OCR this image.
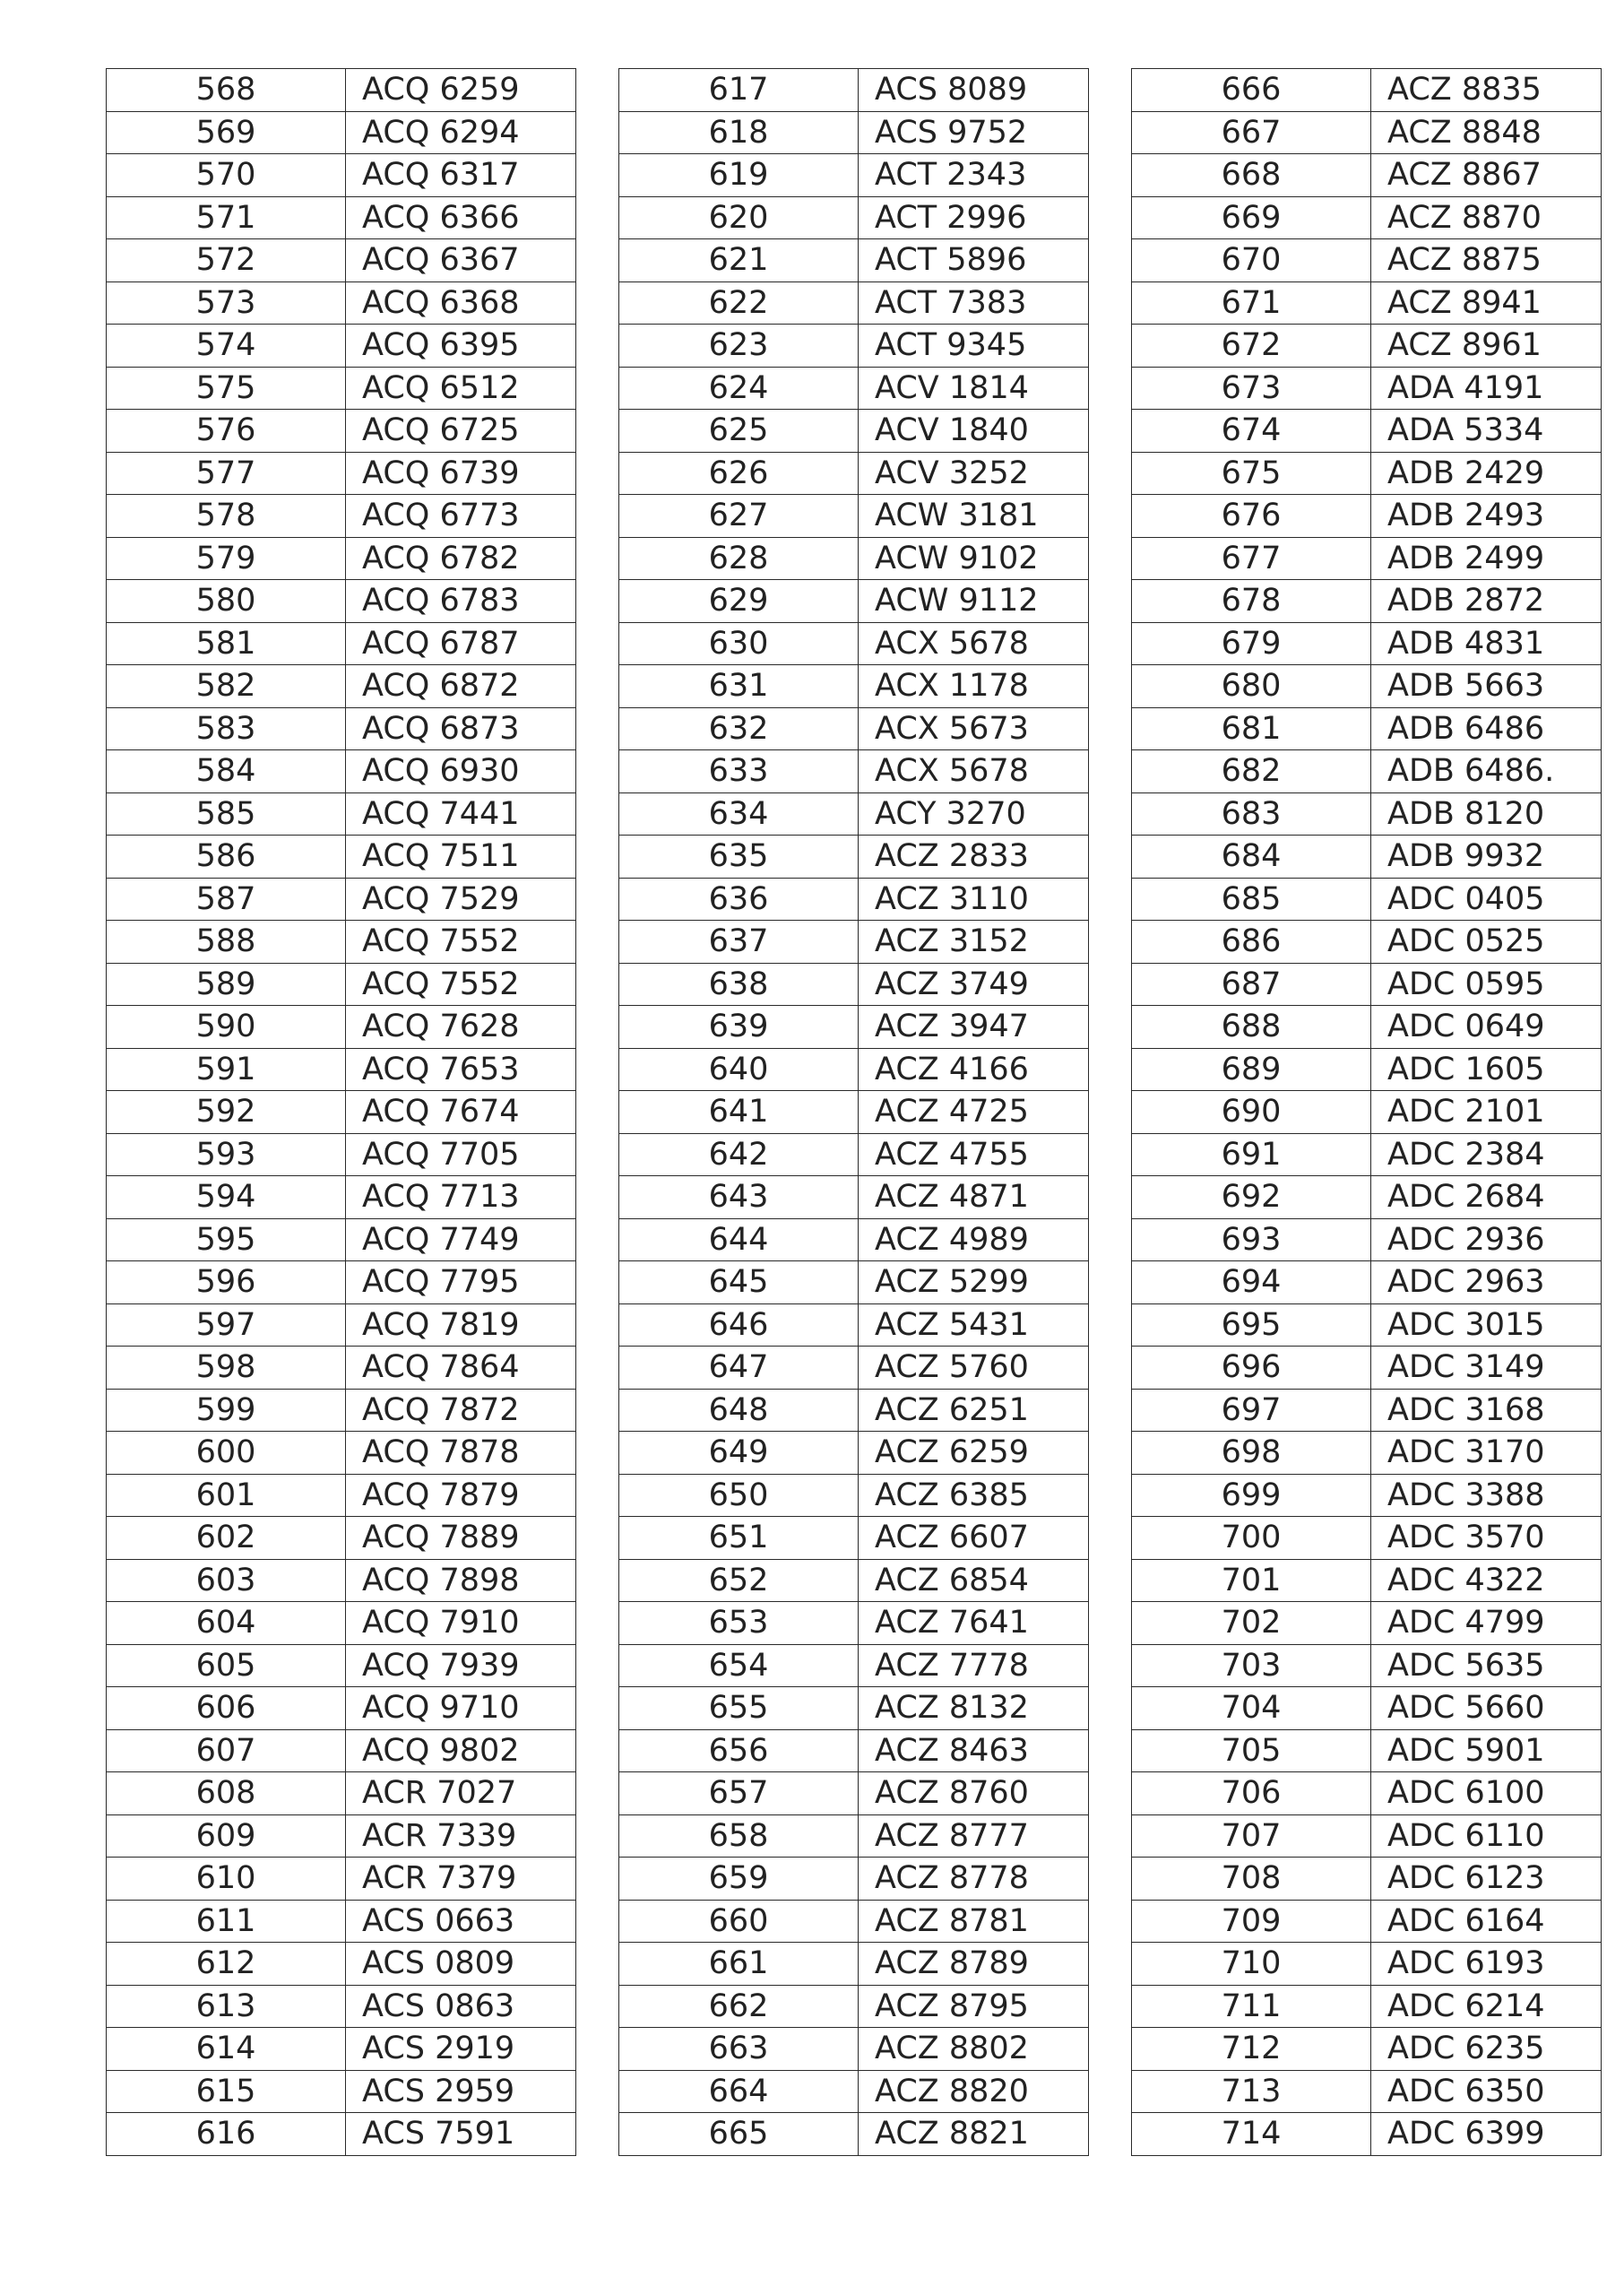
568	ACQ 6259
569	ACQ 6294
570	ACQ 6317
571	ACQ 6366
572	ACQ 6367
573	ACQ 6368
574	ACQ 6395
575	ACQ 6512
576	ACQ 6725
577	ACQ 6739
578	ACQ 6773
579	ACQ 6782
580	ACQ 6783
581	ACQ 6787
582	ACQ 6872
583	ACQ 6873
584	ACQ 6930
585	ACQ 7441
586	ACQ 7511
587	ACQ 7529
588	ACQ 7552
589	ACQ 7552
590	ACQ 7628
591	ACQ 7653
592	ACQ 7674
593	ACQ 7705
594	ACQ 7713
595	ACQ 7749
596	ACQ 7795
597	ACQ 7819
598	ACQ 7864
599	ACQ 7872
600	ACQ 7878
601	ACQ 7879
602	ACQ 7889
603	ACQ 7898
604	ACQ 7910
605	ACQ 7939
606	ACQ 9710
607	ACQ 9802
608	ACR 7027
609	ACR 7339
610	ACR 7379
611	ACS 0663
612	ACS 0809
613	ACS 0863
614	ACS 2919
615	ACS 2959
616	ACS 7591
617	ACS 8089
618	ACS 9752
619	ACT 2343
620	ACT 2996
621	ACT 5896
622	ACT 7383
623	ACT 9345
624	ACV 1814
625	ACV 1840
626	ACV 3252
627	ACW 3181
628	ACW 9102
629	ACW 9112
630	ACX 5678
631	ACX 1178
632	ACX 5673
633	ACX 5678
634	ACY 3270
635	ACZ 2833
636	ACZ 3110
637	ACZ 3152
638	ACZ 3749
639	ACZ 3947
640	ACZ 4166
641	ACZ 4725
642	ACZ 4755
643	ACZ 4871
644	ACZ 4989
645	ACZ 5299
646	ACZ 5431
647	ACZ 5760
648	ACZ 6251
649	ACZ 6259
650	ACZ 6385
651	ACZ 6607
652	ACZ 6854
653	ACZ 7641
654	ACZ 7778
655	ACZ 8132
656	ACZ 8463
657	ACZ 8760
658	ACZ 8777
659	ACZ 8778
660	ACZ 8781
661	ACZ 8789
662	ACZ 8795
663	ACZ 8802
664	ACZ 8820
665	ACZ 8821
666	ACZ 8835
667	ACZ 8848
668	ACZ 8867
669	ACZ 8870
670	ACZ 8875
671	ACZ 8941
672	ACZ 8961
673	ADA 4191
674	ADA 5334
675	ADB 2429
676	ADB 2493
677	ADB 2499
678	ADB 2872
679	ADB 4831
680	ADB 5663
681	ADB 6486
682	ADB 6486.
683	ADB 8120
684	ADB 9932
685	ADC 0405
686	ADC 0525
687	ADC 0595
688	ADC 0649
689	ADC 1605
690	ADC 2101
691	ADC 2384
692	ADC 2684
693	ADC 2936
694	ADC 2963
695	ADC 3015
696	ADC 3149
697	ADC 3168
698	ADC 3170
699	ADC 3388
700	ADC 3570
701	ADC 4322
702	ADC 4799
703	ADC 5635
704	ADC 5660
705	ADC 5901
706	ADC 6100
707	ADC 6110
708	ADC 6123
709	ADC 6164
710	ADC 6193
711	ADC 6214
712	ADC 6235
713	ADC 6350
714	ADC 6399
